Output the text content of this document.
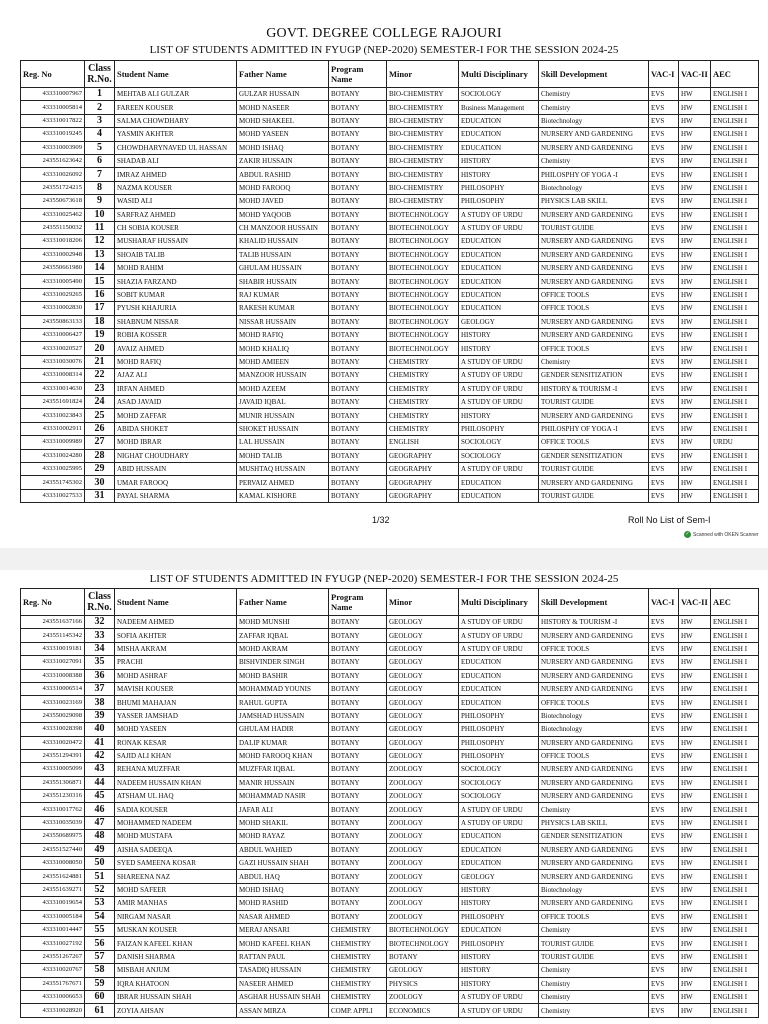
GOVT. DEGREE COLLEGE RAJOURI
LIST OF STUDENTS ADMITTED IN FYUGP (NEP-2020) SEMESTER-I FOR THE SESSION 2024-25
Reg. No	Class R.No.	Student Name	Father Name	Program Name	Minor	Multi Disciplinary	Skill Development	VAC-I	VAC-II	AEC
433310007967	1	MEHTAB ALI GULZAR	GULZAR HUSSAIN	BOTANY	BIO-CHEMISTRY	SOCIOLOGY	Chemistry	EVS	HW	ENGLISH I
433310005814	2	FAREEN KOUSER	MOHD NASEER	BOTANY	BIO-CHEMISTRY	Business Management	Chemistry	EVS	HW	ENGLISH I
433310017822	3	SALMA CHOWDHARY	MOHD SHAKEEL	BOTANY	BIO-CHEMISTRY	EDUCATION	Biotechnology	EVS	HW	ENGLISH I
433310019245	4	YASMIN AKHTER	MOHD YASEEN	BOTANY	BIO-CHEMISTRY	EDUCATION	NURSERY AND GARDENING	EVS	HW	ENGLISH I
433310003909	5	CHOWDHARYNAVED UL HASSAN	MOHD ISHAQ	BOTANY	BIO-CHEMISTRY	EDUCATION	NURSERY AND GARDENING	EVS	HW	ENGLISH I
243551623642	6	SHADAB ALI	ZAKIR HUSSAIN	BOTANY	BIO-CHEMISTRY	HISTORY	Chemistry	EVS	HW	ENGLISH I
433310026092	7	IMRAZ AHMED	ABDUL RASHID	BOTANY	BIO-CHEMISTRY	HISTORY	PHILOSPHY OF YOGA -I	EVS	HW	ENGLISH I
243551724215	8	NAZMA KOUSER	MOHD FAROOQ	BOTANY	BIO-CHEMISTRY	PHILOSOPHY	Biotechnology	EVS	HW	ENGLISH I
243550673618	9	WASID ALI	MOHD JAVED	BOTANY	BIO-CHEMISTRY	PHILOSOPHY	PHYSICS LAB SKILL	EVS	HW	ENGLISH I
433310025462	10	SARFRAZ AHMED	MOHD YAQOOB	BOTANY	BIOTECHNOLOGY	A STUDY OF URDU	NURSERY AND GARDENING	EVS	HW	ENGLISH I
243551150032	11	CH SOBIA KOUSER	CH MANZOOR HUSSAIN	BOTANY	BIOTECHNOLOGY	A STUDY OF URDU	TOURIST GUIDE	EVS	HW	ENGLISH I
433310018206	12	MUSHARAF HUSSAIN	KHALID HUSSAIN	BOTANY	BIOTECHNOLOGY	EDUCATION	NURSERY AND GARDENING	EVS	HW	ENGLISH I
433310002948	13	SHOAIB TALIB	TALIB HUSSAIN	BOTANY	BIOTECHNOLOGY	EDUCATION	NURSERY AND GARDENING	EVS	HW	ENGLISH I
243550661980	14	MOHD RAHIM	GHULAM HUSSAIN	BOTANY	BIOTECHNOLOGY	EDUCATION	NURSERY AND GARDENING	EVS	HW	ENGLISH I
433310005490	15	SHAZIA FARZAND	SHABIR HUSSAIN	BOTANY	BIOTECHNOLOGY	EDUCATION	NURSERY AND GARDENING	EVS	HW	ENGLISH I
433310029265	16	SOBIT KUMAR	RAJ KUMAR	BOTANY	BIOTECHNOLOGY	EDUCATION	OFFICE TOOLS	EVS	HW	ENGLISH I
433310002830	17	PYUSH KHAJURIA	RAKESH KUMAR	BOTANY	BIOTECHNOLOGY	EDUCATION	OFFICE TOOLS	EVS	HW	ENGLISH I
243550863133	18	SHABNUM NISSAR	NISSAR HUSSAIN	BOTANY	BIOTECHNOLOGY	GEOLOGY	NURSERY AND GARDENING	EVS	HW	ENGLISH I
433310006427	19	ROBIA KOSSER	MOHD RAFIQ	BOTANY	BIOTECHNOLOGY	HISTORY	NURSERY AND GARDENING	EVS	HW	ENGLISH I
433310020527	20	AVAIZ AHMED	MOHD KHALIQ	BOTANY	BIOTECHNOLOGY	HISTORY	OFFICE TOOLS	EVS	HW	ENGLISH I
433310030076	21	MOHD RAFIQ	MOHD AMIEEN	BOTANY	CHEMISTRY	A STUDY OF URDU	Chemistry	EVS	HW	ENGLISH I
433310008314	22	AJAZ ALI	MANZOOR HUSSAIN	BOTANY	CHEMISTRY	A STUDY OF URDU	GENDER SENSITIZATION	EVS	HW	ENGLISH I
433310014630	23	IRFAN AHMED	MOHD AZEEM	BOTANY	CHEMISTRY	A STUDY OF URDU	HISTORY & TOURISM -I	EVS	HW	ENGLISH I
243551691824	24	ASAD JAVAID	JAVAID IQBAL	BOTANY	CHEMISTRY	A STUDY OF URDU	TOURIST GUIDE	EVS	HW	ENGLISH I
433310023843	25	MOHD ZAFFAR	MUNIR HUSSAIN	BOTANY	CHEMISTRY	HISTORY	NURSERY AND GARDENING	EVS	HW	ENGLISH I
433310002911	26	ABIDA SHOKET	SHOKET HUSSAIN	BOTANY	CHEMISTRY	PHILOSOPHY	PHILOSPHY OF YOGA -I	EVS	HW	ENGLISH I
433310009989	27	MOHD IBRAR	LAL HUSSAIN	BOTANY	ENGLISH	SOCIOLOGY	OFFICE TOOLS	EVS	HW	URDU
433310024280	28	NIGHAT CHOUDHARY	MOHD TALIB	BOTANY	GEOGRAPHY	SOCIOLOGY	GENDER SENSITIZATION	EVS	HW	ENGLISH I
433310025995	29	ABID HUSSAIN	MUSHTAQ HUSSAIN	BOTANY	GEOGRAPHY	A STUDY OF URDU	TOURIST GUIDE	EVS	HW	ENGLISH I
243551745302	30	UMAR FAROOQ	PERVAIZ AHMED	BOTANY	GEOGRAPHY	EDUCATION	NURSERY AND GARDENING	EVS	HW	ENGLISH I
433310027533	31	PAYAL SHARMA	KAMAL KISHORE	BOTANY	GEOGRAPHY	EDUCATION	TOURIST GUIDE	EVS	HW	ENGLISH I
1/32	Roll No List of Sem-I
✓ Scanned with OKEN Scanner
LIST OF STUDENTS ADMITTED IN FYUGP (NEP-2020) SEMESTER-I FOR THE SESSION 2024-25
Reg. No	Class R.No.	Student Name	Father Name	Program Name	Minor	Multi Disciplinary	Skill Development	VAC-I	VAC-II	AEC
243551637166	32	NADEEM AHMED	MOHD MUNSHI	BOTANY	GEOLOGY	A STUDY OF URDU	HISTORY & TOURISM -I	EVS	HW	ENGLISH I
243551145342	33	SOFIA AKHTER	ZAFFAR IQBAL	BOTANY	GEOLOGY	A STUDY OF URDU	NURSERY AND GARDENING	EVS	HW	ENGLISH I
433310019181	34	MISHA AKRAM	MOHD AKRAM	BOTANY	GEOLOGY	A STUDY OF URDU	OFFICE TOOLS	EVS	HW	ENGLISH I
433310027091	35	PRACHI	BISHVINDER SINGH	BOTANY	GEOLOGY	EDUCATION	NURSERY AND GARDENING	EVS	HW	ENGLISH I
433310008388	36	MOHD ASHRAF	MOHD BASHIR	BOTANY	GEOLOGY	EDUCATION	NURSERY AND GARDENING	EVS	HW	ENGLISH I
433310006514	37	MAVISH KOUSER	MOHAMMAD YOUNIS	BOTANY	GEOLOGY	EDUCATION	NURSERY AND GARDENING	EVS	HW	ENGLISH I
433310023169	38	BHUMI MAHAJAN	RAHUL GUPTA	BOTANY	GEOLOGY	EDUCATION	OFFICE TOOLS	EVS	HW	ENGLISH I
243550029098	39	YASSER JAMSHAD	JAMSHAD HUSSAIN	BOTANY	GEOLOGY	PHILOSOPHY	Biotechnology	EVS	HW	ENGLISH I
433310028398	40	MOHD YASEEN	GHULAM HADIR	BOTANY	GEOLOGY	PHILOSOPHY	Biotechnology	EVS	HW	ENGLISH I
433310020472	41	RONAK KESAR	DALIP KUMAR	BOTANY	GEOLOGY	PHILOSOPHY	NURSERY AND GARDENING	EVS	HW	ENGLISH I
243551294391	42	SAJID ALI KHAN	MOHD FAROOQ KHAN	BOTANY	GEOLOGY	PHILOSOPHY	OFFICE TOOLS	EVS	HW	ENGLISH I
433310005099	43	REHANA MUZFFAR	MUZFFAR IQBAL	BOTANY	ZOOLOGY	SOCIOLOGY	NURSERY AND GARDENING	EVS	HW	ENGLISH I
243551306871	44	NADEEM HUSSAIN KHAN	MANIR HUSSAIN	BOTANY	ZOOLOGY	SOCIOLOGY	NURSERY AND GARDENING	EVS	HW	ENGLISH I
243551230316	45	ATSHAM UL HAQ	MOHAMMAD NASIR	BOTANY	ZOOLOGY	SOCIOLOGY	NURSERY AND GARDENING	EVS	HW	ENGLISH I
433310017762	46	SADIA KOUSER	JAFAR ALI	BOTANY	ZOOLOGY	A STUDY OF URDU	Chemistry	EVS	HW	ENGLISH I
433310035039	47	MOHAMMED NADEEM	MOHD SHAKIL	BOTANY	ZOOLOGY	A STUDY OF URDU	PHYSICS LAB SKILL	EVS	HW	ENGLISH I
243550689975	48	MOHD MUSTAFA	MOHD RAYAZ	BOTANY	ZOOLOGY	EDUCATION	GENDER SENSITIZATION	EVS	HW	ENGLISH I
243551527440	49	AISHA SADEEQA	ABDUL WAHIED	BOTANY	ZOOLOGY	EDUCATION	NURSERY AND GARDENING	EVS	HW	ENGLISH I
433310008050	50	SYED SAMEENA KOSAR	GAZI HUSSAIN SHAH	BOTANY	ZOOLOGY	EDUCATION	NURSERY AND GARDENING	EVS	HW	ENGLISH I
243551624881	51	SHAREENA NAZ	ABDUL HAQ	BOTANY	ZOOLOGY	GEOLOGY	NURSERY AND GARDENING	EVS	HW	ENGLISH I
243551639271	52	MOHD SAFEER	MOHD ISHAQ	BOTANY	ZOOLOGY	HISTORY	Biotechnology	EVS	HW	ENGLISH I
433310019654	53	AMIR MANHAS	MOHD RASHID	BOTANY	ZOOLOGY	HISTORY	NURSERY AND GARDENING	EVS	HW	ENGLISH I
433310005184	54	NIRGAM NASAR	NASAR AHMED	BOTANY	ZOOLOGY	PHILOSOPHY	OFFICE TOOLS	EVS	HW	ENGLISH I
433310014447	55	MUSKAN KOUSER	MERAJ ANSARI	CHEMISTRY	BIOTECHNOLOGY	EDUCATION	Chemistry	EVS	HW	ENGLISH I
433310027192	56	FAIZAN KAFEEL KHAN	MOHD KAFEEL KHAN	CHEMISTRY	BIOTECHNOLOGY	PHILOSOPHY	TOURIST GUIDE	EVS	HW	ENGLISH I
243551267267	57	DANISH SHARMA	RATTAN PAUL	CHEMISTRY	BOTANY	HISTORY	TOURIST GUIDE	EVS	HW	ENGLISH I
433310020767	58	MISBAH ANJUM	TASADIQ HUSSAIN	CHEMISTRY	GEOLOGY	HISTORY	Chemistry	EVS	HW	ENGLISH I
243551767671	59	IQRA KHATOON	NASEER AHMED	CHEMISTRY	PHYSICS	HISTORY	Chemistry	EVS	HW	ENGLISH I
433310006653	60	IBRAR HUSSAIN SHAH	ASGHAR HUSSAIN SHAH	CHEMISTRY	ZOOLOGY	A STUDY OF URDU	Chemistry	EVS	HW	ENGLISH I
433310028920	61	ZOYIA AHSAN	ASSAN MIRZA	COMP. APPLI	ECONOMICS	A STUDY OF URDU	Chemistry	EVS	HW	ENGLISH I
